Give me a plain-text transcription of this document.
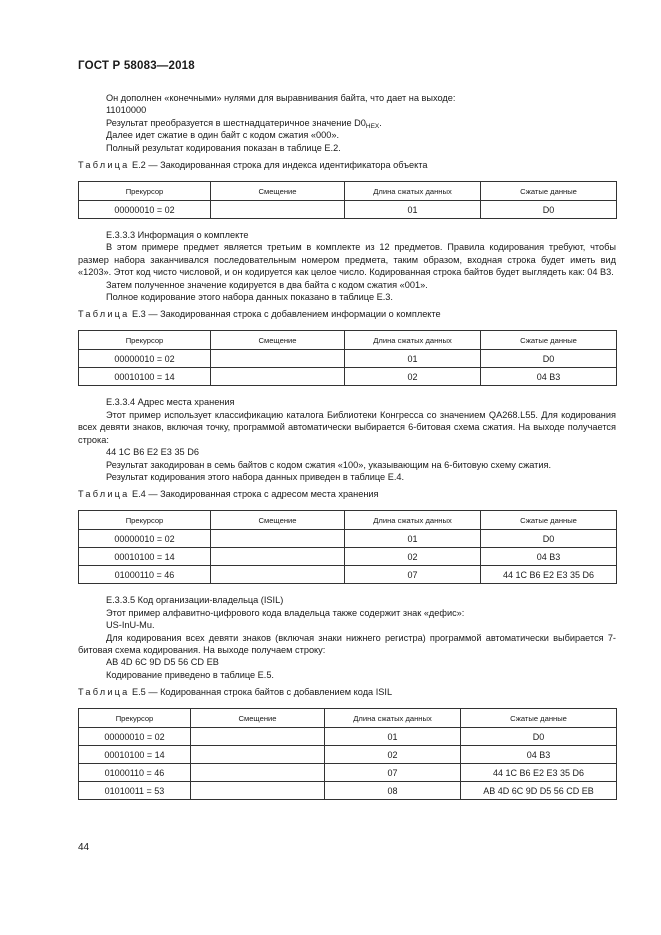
ГОСТ Р 58083—2018

Он дополнен «конечными» нулями для выравнивания байта, что дает на выходе:

11010000

Результат преобразуется в шестнадцатеричное значение $D0_{HEX}$.

Далее идет сжатие в один байт с кодом сжатия «000».

Полный результат кодирования показан в таблице E.2.

Таблица E.2 — Закодированная строка для индекса идентификатора объекта

Прекурсор	Смещение	Длина сжатых данных	Сжатые данные
00000010 = 02		01	D0

E.3.3.3 Информация о комплекте

В этом примере предмет является третьим в комплекте из 12 предметов. Правила кодирования требуют, чтобы размер набора заканчивался последовательным номером предмета, таким образом, входная строка будет иметь вид «1203». Этот код чисто числовой, и он кодируется как целое число. Кодированная строка байтов будет выглядеть как: 04 B3.

Затем полученное значение кодируется в два байта с кодом сжатия «001».

Полное кодирование этого набора данных показано в таблице E.3.

Таблица E.3 — Закодированная строка с добавлением информации о комплекте

Прекурсор	Смещение	Длина сжатых данных	Сжатые данные
00000010 = 02		01	D0
00010100 = 14		02	04 B3

E.3.3.4 Адрес места хранения

Этот пример использует классификацию каталога Библиотеки Конгресса со значением QA268.L55. Для кодирования всех девяти знаков, включая точку, программой автоматически выбирается 6-битовая схема сжатия. На выходе получается строка:

44 1C B6 E2 E3 35 D6

Результат закодирован в семь байтов с кодом сжатия «100», указывающим на 6-битовую схему сжатия.

Результат кодирования этого набора данных приведен в таблице E.4.

Таблица E.4 — Закодированная строка с адресом места хранения

Прекурсор	Смещение	Длина сжатых данных	Сжатые данные
00000010 = 02		01	D0
00010100 = 14		02	04 B3
01000110 = 46		07	44 1C B6 E2 E3 35 D6

E.3.3.5 Код организации-владельца (ISIL)

Этот пример алфавитно-цифрового кода владельца также содержит знак «дефис»:

US-InU-Mu.

Для кодирования всех девяти знаков (включая знаки нижнего регистра) программой автоматически выбирается 7-битовая схема кодирования. На выходе получаем строку:

AB 4D 6C 9D D5 56 CD EB

Кодирование приведено в таблице E.5.

Таблица E.5 — Кодированная строка байтов с добавлением кода ISIL

Прекурсор	Смещение	Длина сжатых данных	Сжатые данные
00000010 = 02		01	D0
00010100 = 14		02	04 B3
01000110 = 46		07	44 1C B6 E2 E3 35 D6
01010011 = 53		08	AB 4D 6C 9D D5 56 CD EB
44
